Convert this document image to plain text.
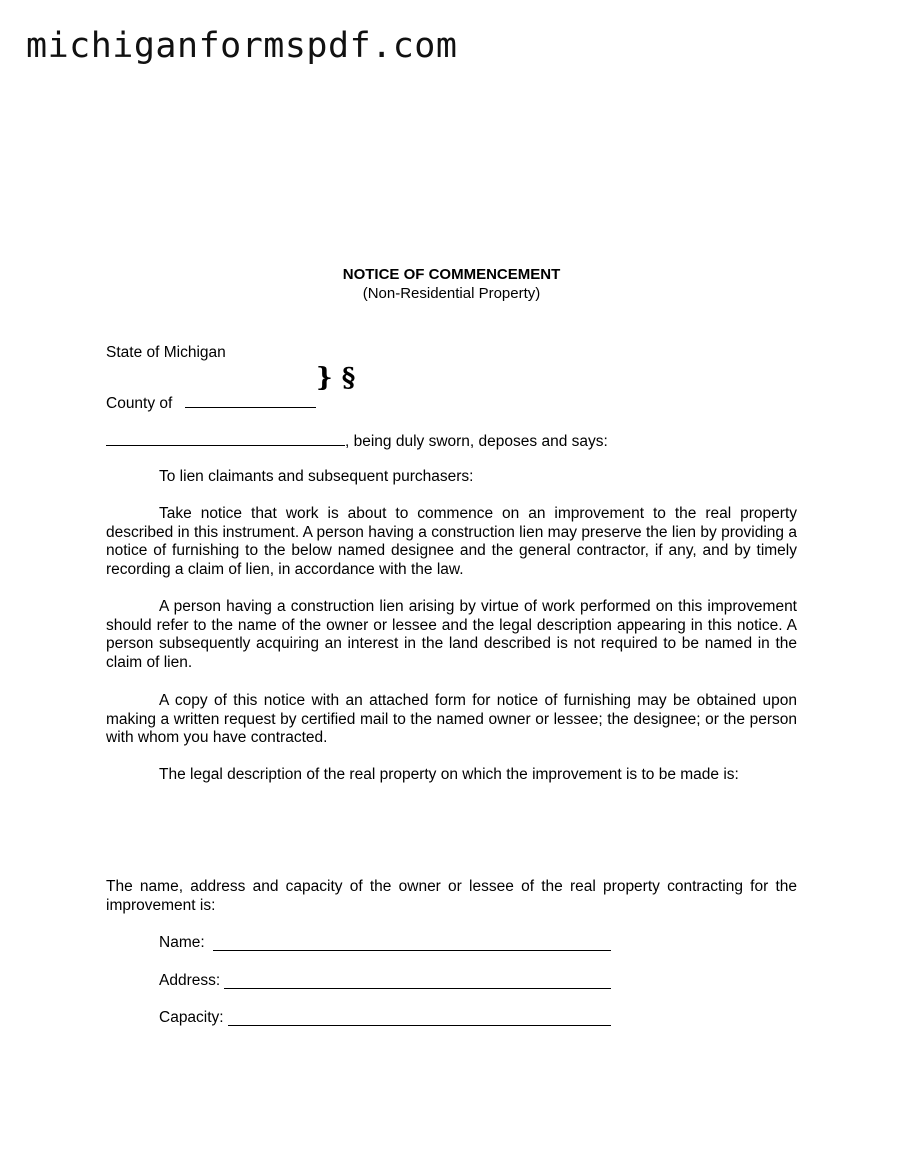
michiganformspdf.com
NOTICE OF COMMENCEMENT
(Non-Residential Property)
State of Michigan
} §
County of
, being duly sworn, deposes and says:
To lien claimants and subsequent purchasers:
Take notice that work is about to commence on an improvement to the real property described in this instrument. A person having a construction lien may preserve the lien by providing a notice of furnishing to the below named designee and the general contractor, if any, and by timely recording a claim of lien, in accordance with the law.
A person having a construction lien arising by virtue of work performed on this improvement should refer to the name of the owner or lessee and the legal description appearing in this notice. A person subsequently acquiring an interest in the land described is not required to be named in the claim of lien.
A copy of this notice with an attached form for notice of furnishing may be obtained upon making a written request by certified mail to the named owner or lessee; the designee; or the person with whom you have contracted.
The legal description of the real property on which the improvement is to be made is:
The name, address and capacity of the owner or lessee of the real property contracting for the improvement is:
Name:
Address:
Capacity:
